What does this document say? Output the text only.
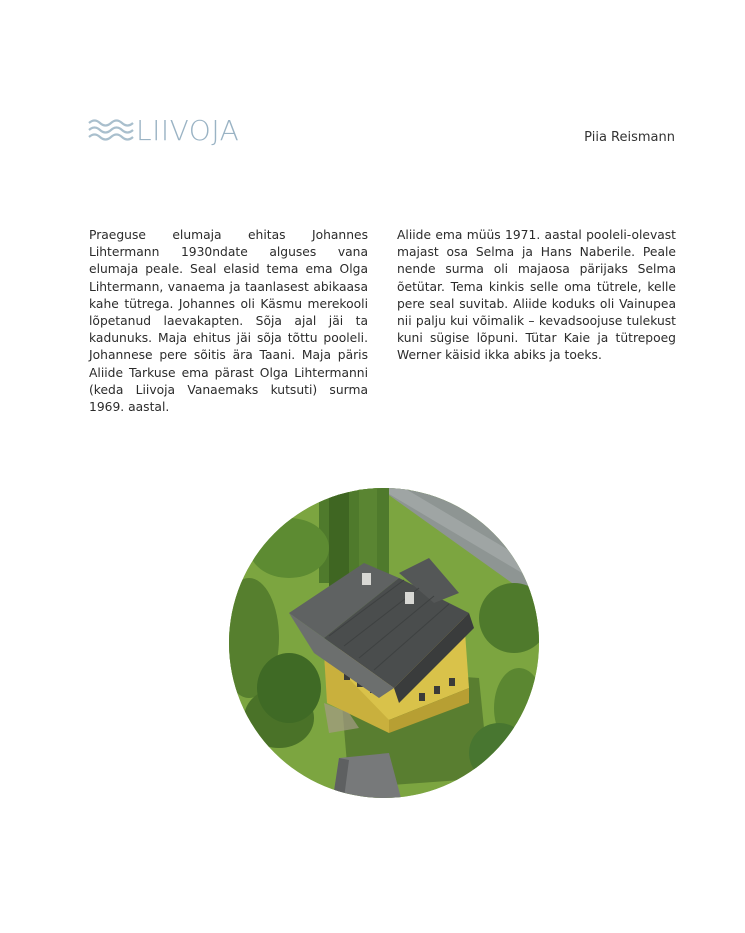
LIIVOJA	Piia Reismann
Praeguse elumaja ehitas Johannes Lihtermann 1930ndate alguses vana elumaja peale. Seal elasid tema ema Olga Lihtermann, vanaema ja taanlasest abikaasa kahe tütrega. Johannes oli Käsmu merekooli lõpetanud laevakapten. Sõja ajal jäi ta kadunuks. Maja ehitus jäi sõja tõttu pooleli. Johannese pere sõitis ära Taani. Maja päris Aliide Tarkuse ema pärast Olga Lihtermanni (keda Liivoja Vanaemaks kutsuti) surma 1969. aastal.
Aliide ema müüs 1971. aastal pooleli-olevast majast osa Selma ja Hans Naberile. Peale nende surma oli majaosa pärijaks Selma õetütar. Tema kinkis selle oma tütrele, kelle pere seal suvitab. Aliide koduks oli Vainupea nii palju kui võimalik – kevadsoojuse tulekust kuni sügise lõpuni. Tütar Kaie ja tütrepoeg Werner käisid ikka abiks ja toeks.
